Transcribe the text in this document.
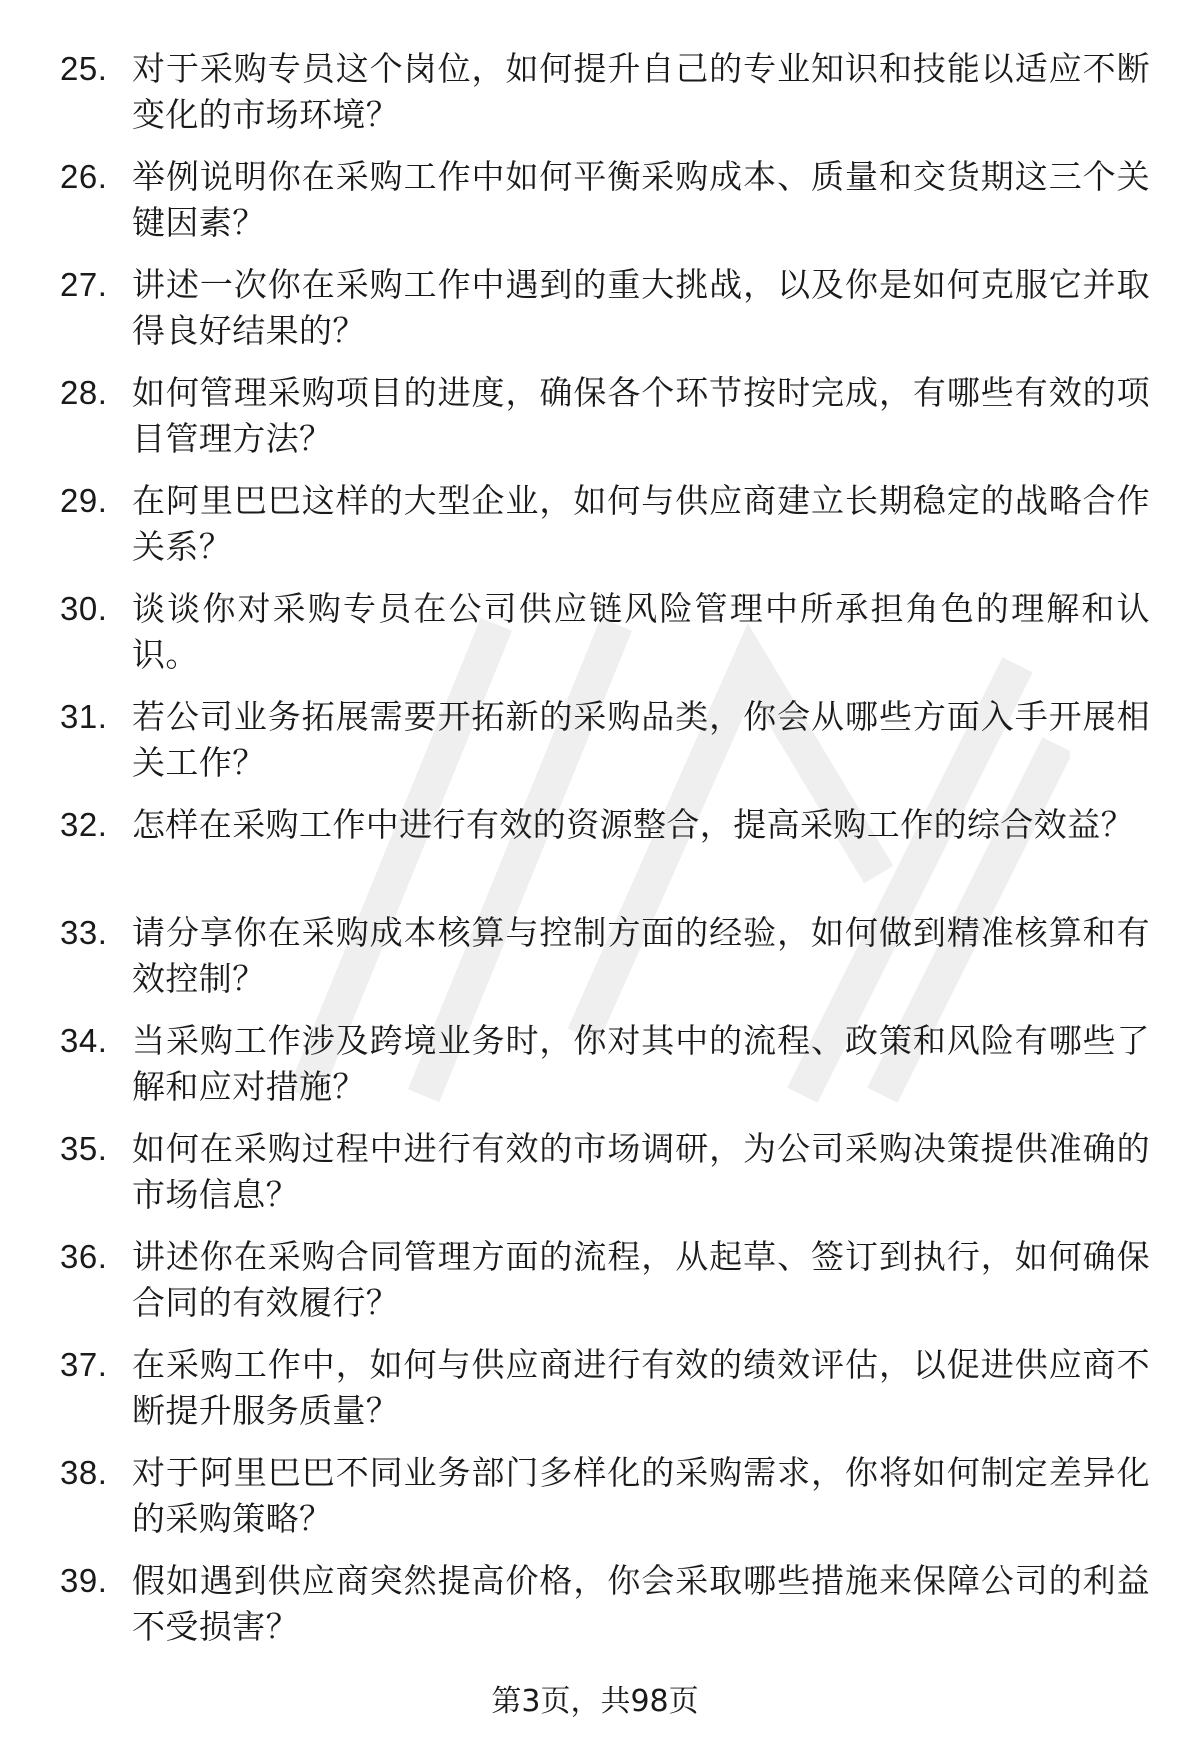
25. 对于采购专员这个岗位，如何提升自己的专业知识和技能以适应不断变化的市场环境？
26. 举例说明你在采购工作中如何平衡采购成本、质量和交货期这三个关键因素？
27. 讲述一次你在采购工作中遇到的重大挑战，以及你是如何克服它并取得良好结果的？
28. 如何管理采购项目的进度，确保各个环节按时完成，有哪些有效的项目管理方法？
29. 在阿里巴巴这样的大型企业，如何与供应商建立长期稳定的战略合作关系？
30. 谈谈你对采购专员在公司供应链风险管理中所承担角色的理解和认识。
31. 若公司业务拓展需要开拓新的采购品类，你会从哪些方面入手开展相关工作？
32. 怎样在采购工作中进行有效的资源整合，提高采购工作的综合效益？
33. 请分享你在采购成本核算与控制方面的经验，如何做到精准核算和有效控制？
34. 当采购工作涉及跨境业务时，你对其中的流程、政策和风险有哪些了解和应对措施？
35. 如何在采购过程中进行有效的市场调研，为公司采购决策提供准确的市场信息？
36. 讲述你在采购合同管理方面的流程，从起草、签订到执行，如何确保合同的有效履行？
37. 在采购工作中，如何与供应商进行有效的绩效评估，以促进供应商不断提升服务质量？
38. 对于阿里巴巴不同业务部门多样化的采购需求，你将如何制定差异化的采购策略？
39. 假如遇到供应商突然提高价格，你会采取哪些措施来保障公司的利益不受损害？
第3页，共98页
